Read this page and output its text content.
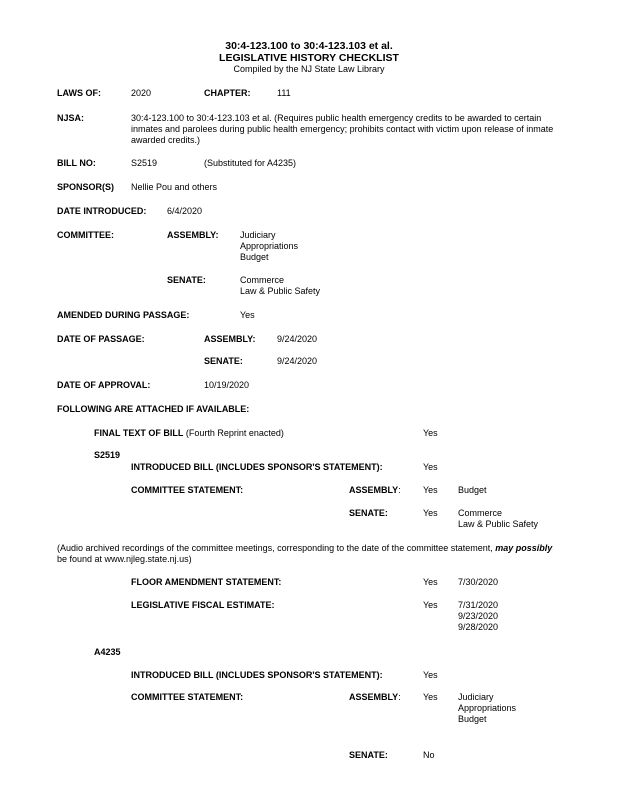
30:4-123.100 to 30:4-123.103 et al.
LEGISLATIVE HISTORY CHECKLIST
Compiled by the NJ State Law Library
LAWS OF:	2020	CHAPTER:	111
NJSA:	30:4-123.100 to 30:4-123.103 et al. (Requires public health emergency credits to be awarded to certain inmates and parolees during public health emergency; prohibits contact with victim upon release of inmate awarded credits.)
BILL NO:	S2519	(Substituted for A4235)
SPONSOR(S) Nellie Pou and others
DATE INTRODUCED: 6/4/2020
COMMITTEE:	ASSEMBLY: Judiciary
Appropriations
Budget
SENATE:	Commerce
Law & Public Safety
AMENDED DURING PASSAGE:	Yes
DATE OF PASSAGE:	ASSEMBLY: 9/24/2020
SENATE:	9/24/2020
DATE OF APPROVAL:	10/19/2020
FOLLOWING ARE ATTACHED IF AVAILABLE:
FINAL TEXT OF BILL (Fourth Reprint enacted)	Yes
S2519
INTRODUCED BILL (INCLUDES SPONSOR'S STATEMENT):	Yes
COMMITTEE STATEMENT:	ASSEMBLY: Yes Budget
SENATE:	Yes Commerce
Law & Public Safety
(Audio archived recordings of the committee meetings, corresponding to the date of the committee statement, may possibly
be found at www.njleg.state.nj.us)
FLOOR AMENDMENT STATEMENT:	Yes 7/30/2020
LEGISLATIVE FISCAL ESTIMATE:	Yes 7/31/2020
9/23/2020
9/28/2020
A4235
INTRODUCED BILL (INCLUDES SPONSOR'S STATEMENT):	Yes
COMMITTEE STATEMENT:	ASSEMBLY: Yes Judiciary
Appropriations
Budget
SENATE:	No
